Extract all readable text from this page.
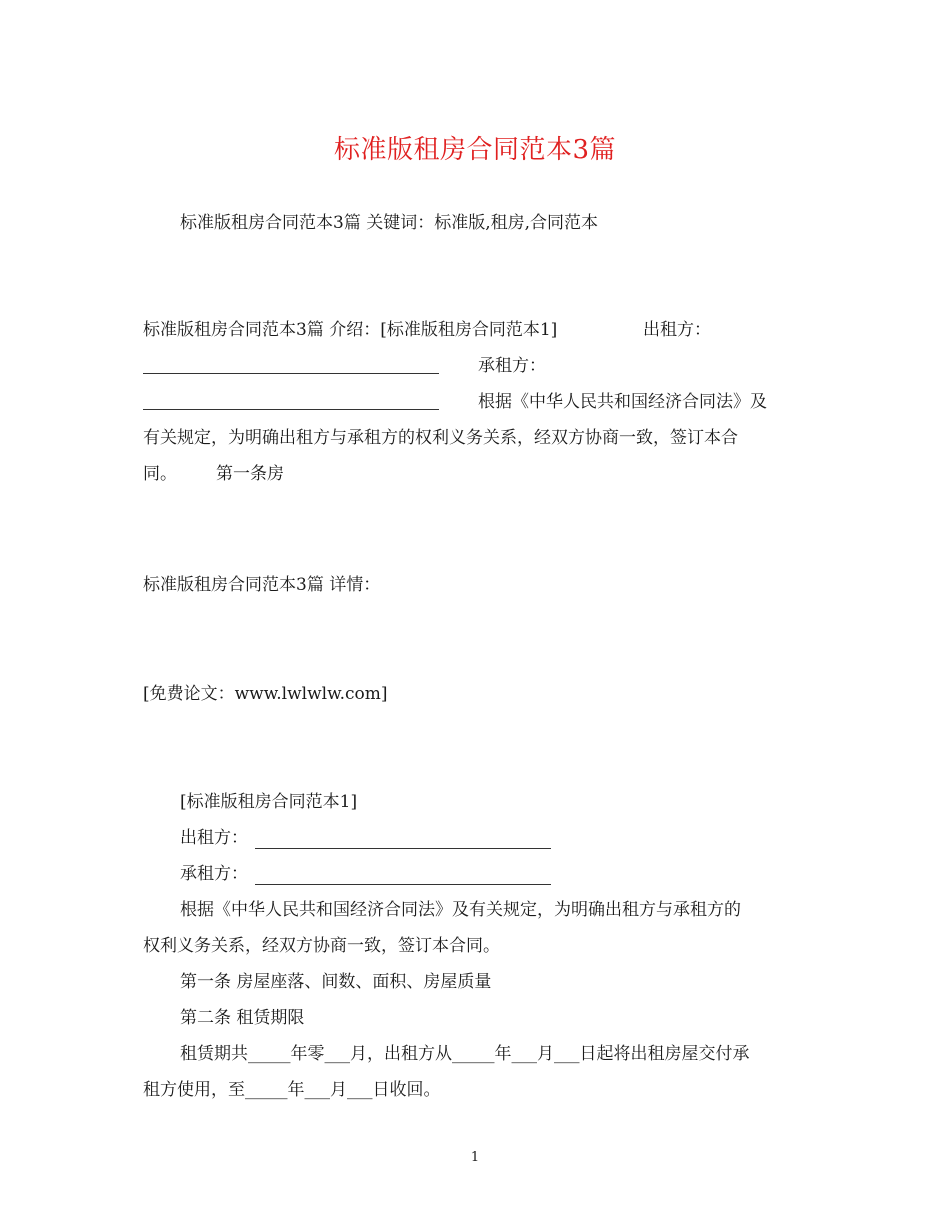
标准版租房合同范本3篇
标准版租房合同范本3篇 关键词：标准版,租房,合同范本
标准版租房合同范本3篇 介绍：[标准版租房合同范本1]	出租方：
承租方：
根据《中华人民共和国经济合同法》及
有关规定，为明确出租方与承租方的权利义务关系，经双方协商一致，签订本合
同。 第一条房
标准版租房合同范本3篇 详情：
[免费论文：www.lwlwlw.com]
[标准版租房合同范本1]
出租方：
承租方：
根据《中华人民共和国经济合同法》及有关规定，为明确出租方与承租方的
权利义务关系，经双方协商一致，签订本合同。
第一条 房屋座落、间数、面积、房屋质量
第二条 租赁期限
租赁期共_____年零___月，出租方从_____年___月___日起将出租房屋交付承
租方使用，至_____年___月___日收回。
1
